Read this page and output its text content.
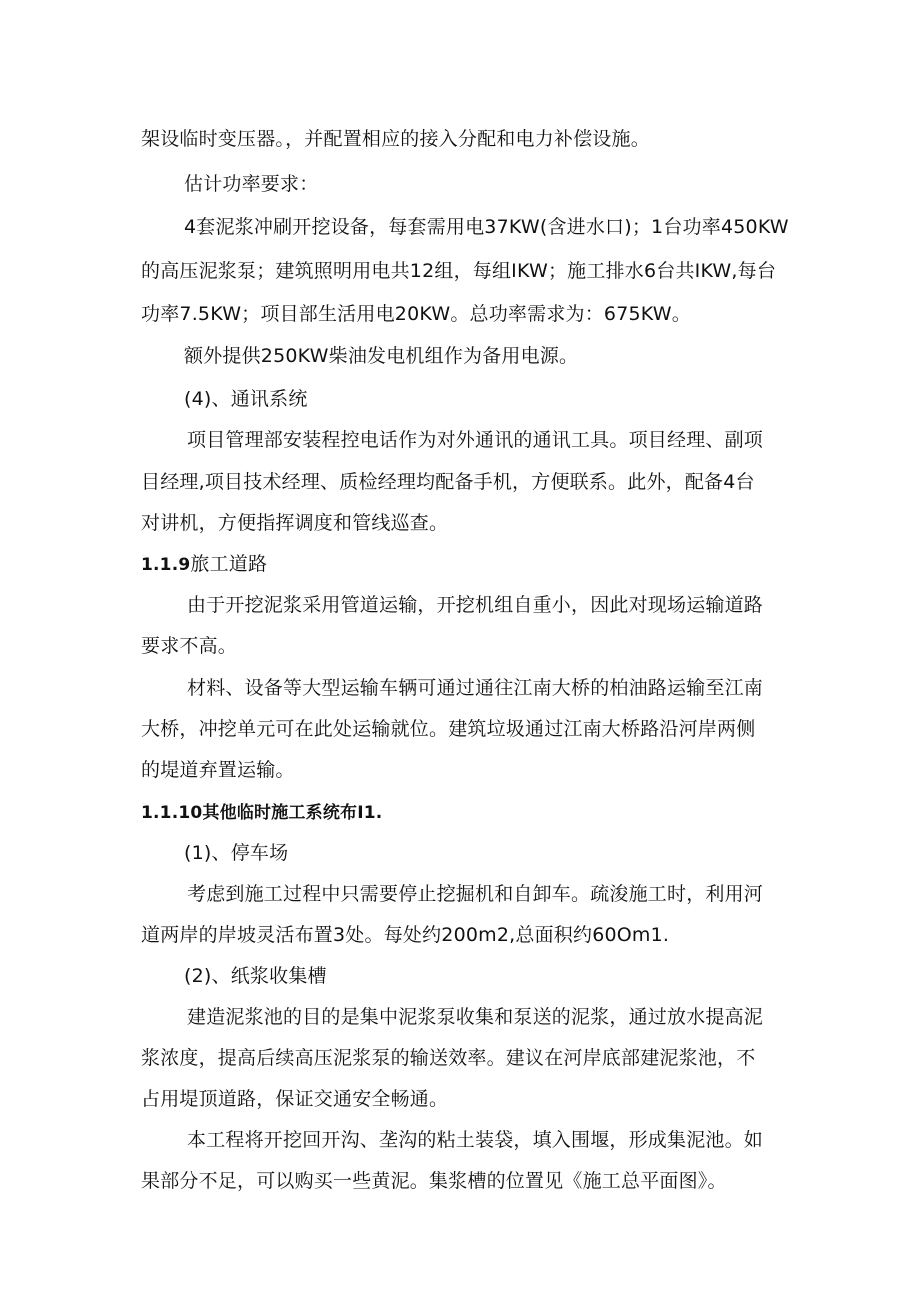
架设临时变压器。，并配置相应的接入分配和电力补偿设施。
估计功率要求：
4套泥浆冲刷开挖设备，每套需用电37KW(含进水口)；1台功率450KW
的高压泥浆泵；建筑照明用电共12组，每组IKW；施工排水6台共IKW,每台
功率7.5KW；项目部生活用电20KW。总功率需求为：675KW。
额外提供250KW柴油发电机组作为备用电源。
(4)、通讯系统
项目管理部安装程控电话作为对外通讯的通讯工具。项目经理、副项
目经理,项目技术经理、质检经理均配备手机，方便联系。此外，配备4台
对讲机，方便指挥调度和管线巡查。
1.1.9旅工道路
由于开挖泥浆采用管道运输，开挖机组自重小，因此对现场运输道路
要求不高。
材料、设备等大型运输车辆可通过通往江南大桥的柏油路运输至江南
大桥，冲挖单元可在此处运输就位。建筑垃圾通过江南大桥路沿河岸两侧
的堤道弃置运输。
1.1.10其他临时施工系统布I1.
(1)、停车场
考虑到施工过程中只需要停止挖掘机和自卸车。疏浚施工时，利用河
道两岸的岸坡灵活布置3处。每处约200m2,总面积约60Om1.
(2)、纸浆收集槽
建造泥浆池的目的是集中泥浆泵收集和泵送的泥浆，通过放水提高泥
浆浓度，提高后续高压泥浆泵的输送效率。建议在河岸底部建泥浆池，不
占用堤顶道路，保证交通安全畅通。
本工程将开挖回开沟、垄沟的粘土装袋，填入围堰，形成集泥池。如
果部分不足，可以购买一些黄泥。集浆槽的位置见《施工总平面图》。
